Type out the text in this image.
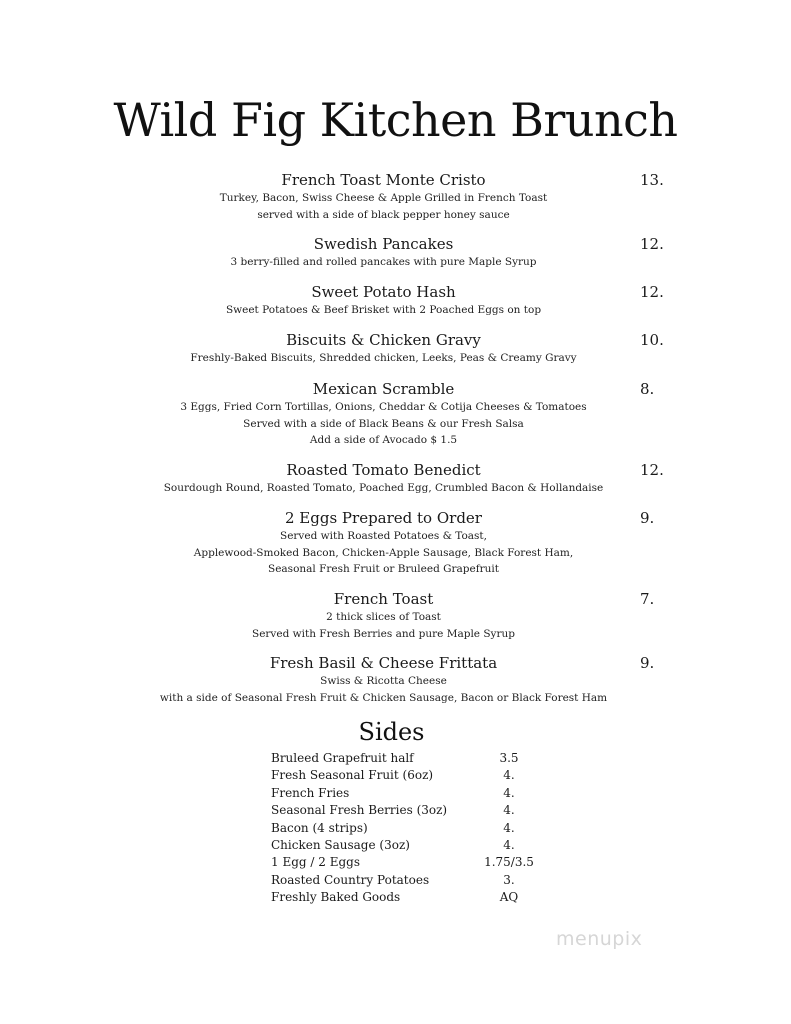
Wild Fig Kitchen Brunch
French Toast Monte Cristo	13.
Turkey, Bacon, Swiss Cheese & Apple Grilled in French Toast
served with a side of black pepper honey sauce
Swedish Pancakes	12.
3 berry-filled and rolled pancakes with pure Maple Syrup
Sweet Potato Hash	12.
Sweet Potatoes & Beef Brisket with 2 Poached Eggs on top
Biscuits & Chicken Gravy	10.
Freshly-Baked Biscuits, Shredded chicken, Leeks, Peas & Creamy Gravy
Mexican Scramble	8.
3 Eggs, Fried Corn Tortillas, Onions, Cheddar & Cotija Cheeses & Tomatoes
Served with a side of Black Beans & our Fresh Salsa
Add a side of Avocado $ 1.5
Roasted Tomato Benedict	12.
Sourdough Round, Roasted Tomato, Poached Egg, Crumbled Bacon & Hollandaise
2 Eggs Prepared to Order	9.
Served with Roasted Potatoes & Toast,
Applewood-Smoked Bacon, Chicken-Apple Sausage, Black Forest Ham,
Seasonal Fresh Fruit or Bruleed Grapefruit
French Toast	7.
2 thick slices of Toast
Served with Fresh Berries and pure Maple Syrup
Fresh Basil & Cheese Frittata	9.
Swiss & Ricotta Cheese
with a side of Seasonal Fresh Fruit & Chicken Sausage, Bacon or Black Forest Ham
Sides
Bruleed Grapefruit half	3.5
Fresh Seasonal Fruit (6oz)	4.
French Fries	4.
Seasonal Fresh Berries (3oz)	4.
Bacon (4 strips)	4.
Chicken Sausage (3oz)	4.
1 Egg / 2 Eggs	1.75/3.5
Roasted Country Potatoes	3.
Freshly Baked Goods	AQ
menupix
